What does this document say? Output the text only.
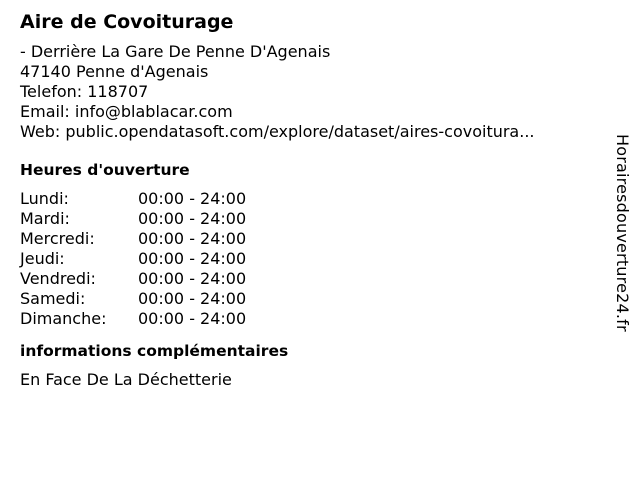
Aire de Covoiturage
- Derrière La Gare De Penne D'Agenais
47140 Penne d'Agenais
Telefon: 118707
Email: info@blablacar.com
Web: public.opendatasoft.com/explore/dataset/aires-covoitura...
Heures d'ouverture
Lundi:	00:00 - 24:00
Mardi:	00:00 - 24:00
Mercredi:	00:00 - 24:00
Jeudi:	00:00 - 24:00
Vendredi:	00:00 - 24:00
Samedi:	00:00 - 24:00
Dimanche:	00:00 - 24:00
informations complémentaires
En Face De La Déchetterie
Horairesdouverture24.fr
